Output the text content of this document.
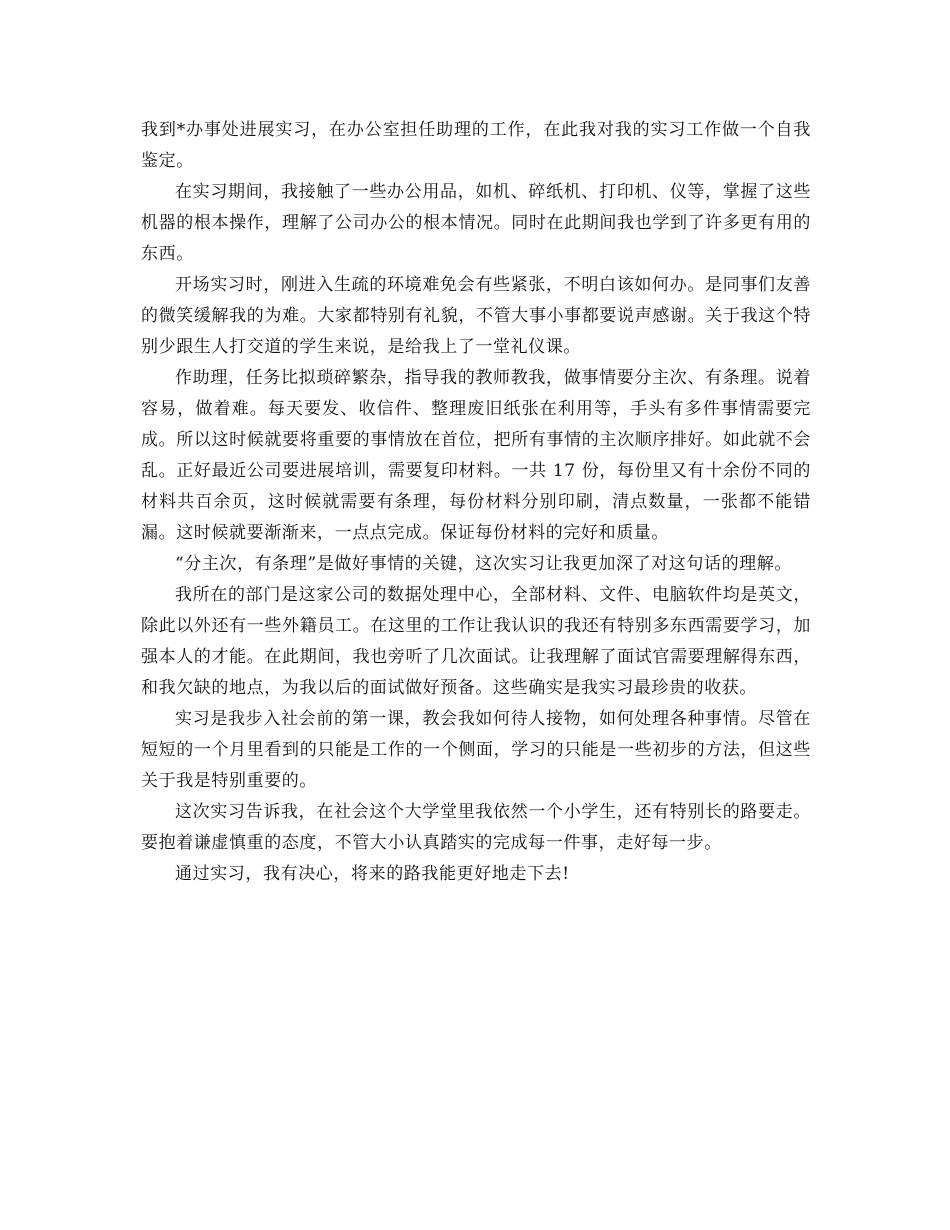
我到*办事处进展实习，在办公室担任助理的工作，在此我对我的实习工作做一个自我鉴定。

在实习期间，我接触了一些办公用品，如机、碎纸机、打印机、仪等，掌握了这些机器的根本操作，理解了公司办公的根本情况。同时在此期间我也学到了许多更有用的东西。

开场实习时，刚进入生疏的环境难免会有些紧张，不明白该如何办。是同事们友善的微笑缓解我的为难。大家都特别有礼貌，不管大事小事都要说声感谢。关于我这个特别少跟生人打交道的学生来说，是给我上了一堂礼仪课。

作助理，任务比拟琐碎繁杂，指导我的教师教我，做事情要分主次、有条理。说着容易，做着难。每天要发、收信件、整理废旧纸张在利用等，手头有多件事情需要完成。所以这时候就要将重要的事情放在首位，把所有事情的主次顺序排好。如此就不会乱。正好最近公司要进展培训，需要复印材料。一共 17 份，每份里又有十余份不同的材料共百余页，这时候就需要有条理，每份材料分别印刷，清点数量，一张都不能错漏。这时候就要渐渐来，一点点完成。保证每份材料的完好和质量。

“分主次，有条理”是做好事情的关键，这次实习让我更加深了对这句话的理解。

我所在的部门是这家公司的数据处理中心，全部材料、文件、电脑软件均是英文，除此以外还有一些外籍员工。在这里的工作让我认识的我还有特别多东西需要学习，加强本人的才能。在此期间，我也旁听了几次面试。让我理解了面试官需要理解得东西，和我欠缺的地点，为我以后的面试做好预备。这些确实是我实习最珍贵的收获。

实习是我步入社会前的第一课，教会我如何待人接物，如何处理各种事情。尽管在短短的一个月里看到的只能是工作的一个侧面，学习的只能是一些初步的方法，但这些关于我是特别重要的。

这次实习告诉我，在社会这个大学堂里我依然一个小学生，还有特别长的路要走。要抱着谦虚慎重的态度，不管大小认真踏实的完成每一件事，走好每一步。

通过实习，我有决心，将来的路我能更好地走下去!
